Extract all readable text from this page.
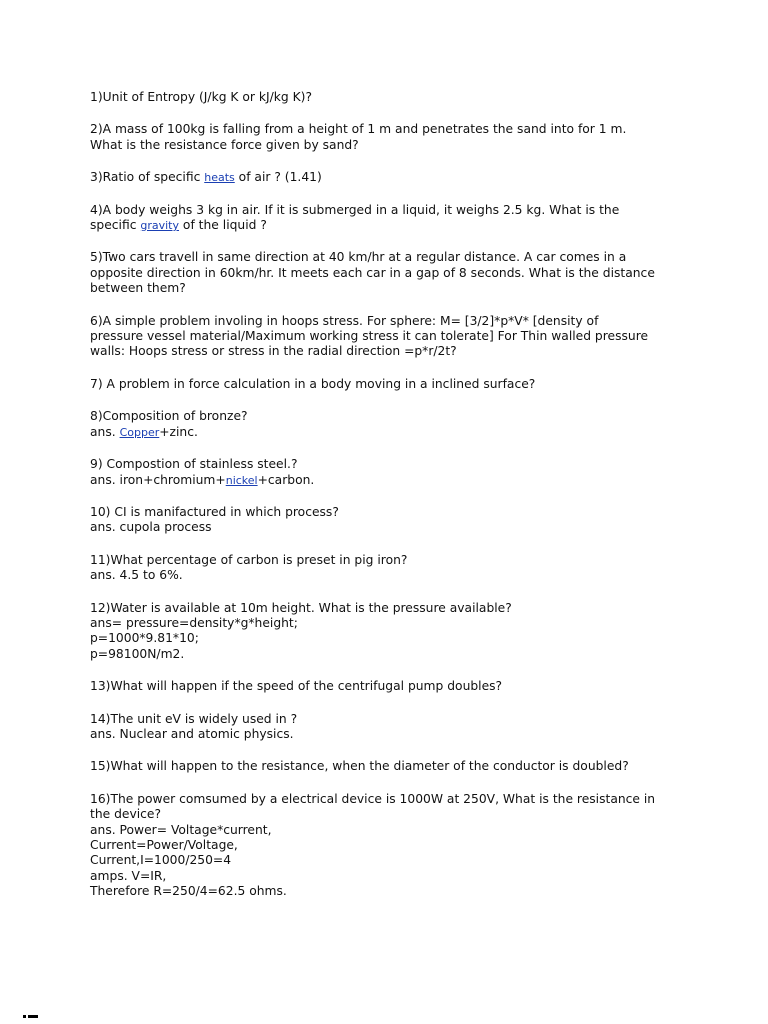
1)Unit of Entropy (J/kg K or kJ/kg K)?
2)A mass of 100kg is falling from a height of 1 m and penetrates the sand into for 1 m.
What is the resistance force given by sand?
3)Ratio of specific heats of air ? (1.41)
4)A body weighs 3 kg in air. If it is submerged in a liquid, it weighs 2.5 kg. What is the
specific gravity of the liquid ?
5)Two cars travell in same direction at 40 km/hr at a regular distance. A car comes in a
opposite direction in 60km/hr. It meets each car in a gap of 8 seconds. What is the distance
between them?
6)A simple problem involing in hoops stress. For sphere: M= [3/2]*p*V* [density of
pressure vessel material/Maximum working stress it can tolerate] For Thin walled pressure
walls: Hoops stress or stress in the radial direction =p*r/2t?
7) A problem in force calculation in a body moving in a inclined surface?
8)Composition of bronze?
ans. Copper+zinc.
9) Compostion of stainless steel.?
ans. iron+chromium+nickel+carbon.
10) CI is manifactured in which process?
ans. cupola process
11)What percentage of carbon is preset in pig iron?
ans. 4.5 to 6%.
12)Water is available at 10m height. What is the pressure available?
ans= pressure=density*g*height;
p=1000*9.81*10;
p=98100N/m2.
13)What will happen if the speed of the centrifugal pump doubles?
14)The unit eV is widely used in ?
ans. Nuclear and atomic physics.
15)What will happen to the resistance, when the diameter of the conductor is doubled?
16)The power comsumed by a electrical device is 1000W at 250V, What is the resistance in
the device?
ans. Power= Voltage*current,
Current=Power/Voltage,
Current,I=1000/250=4
amps. V=IR,
Therefore R=250/4=62.5 ohms.
